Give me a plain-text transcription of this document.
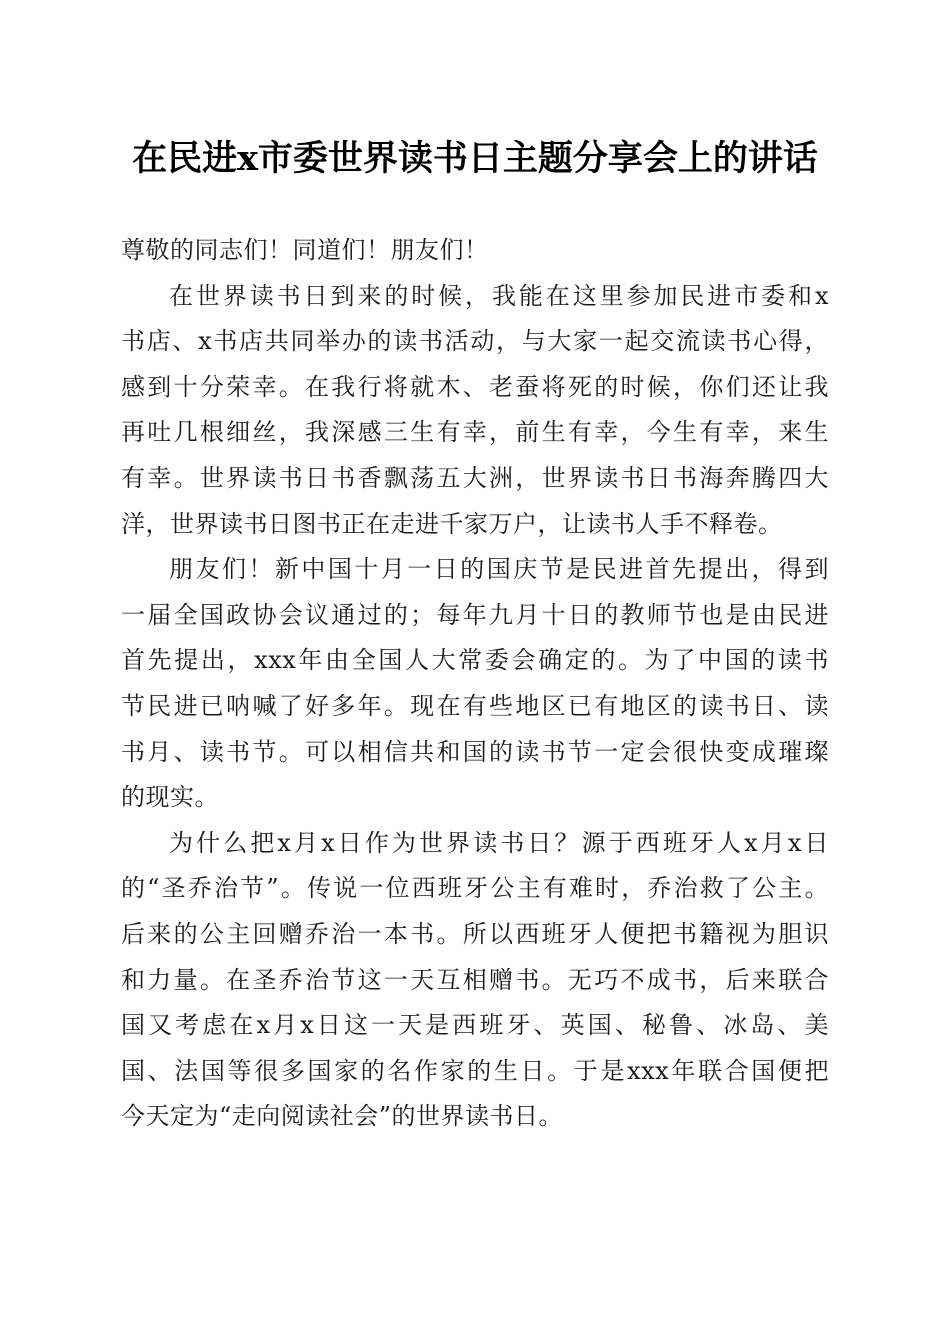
在民进x市委世界读书日主题分享会上的讲话
尊敬的同志们！同道们！朋友们！
在世界读书日到来的时候，我能在这里参加民进市委和x
书店、x书店共同举办的读书活动，与大家一起交流读书心得，
感到十分荣幸。在我行将就木、老蚕将死的时候，你们还让我
再吐几根细丝，我深感三生有幸，前生有幸，今生有幸，来生
有幸。世界读书日书香飘荡五大洲，世界读书日书海奔腾四大
洋，世界读书日图书正在走进千家万户，让读书人手不释卷。
朋友们！新中国十月一日的国庆节是民进首先提出，得到
一届全国政协会议通过的；每年九月十日的教师节也是由民进
首先提出，xxx年由全国人大常委会确定的。为了中国的读书
节民进已呐喊了好多年。现在有些地区已有地区的读书日、读
书月、读书节。可以相信共和国的读书节一定会很快变成璀璨
的现实。
为什么把x月x日作为世界读书日？源于西班牙人x月x日
的“圣乔治节”。传说一位西班牙公主有难时，乔治救了公主。
后来的公主回赠乔治一本书。所以西班牙人便把书籍视为胆识
和力量。在圣乔治节这一天互相赠书。无巧不成书，后来联合
国又考虑在x月x日这一天是西班牙、英国、秘鲁、冰岛、美
国、法国等很多国家的名作家的生日。于是xxx年联合国便把
今天定为“走向阅读社会”的世界读书日。
